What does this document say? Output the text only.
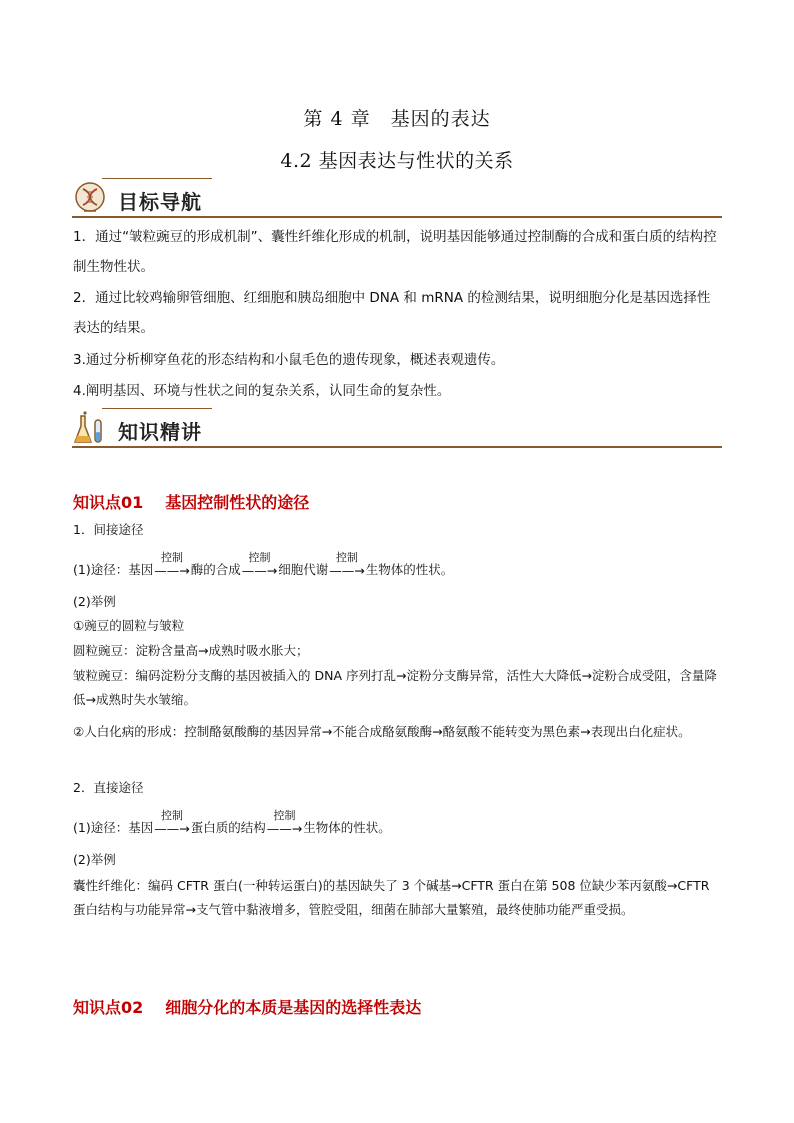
第 4 章　基因的表达
4.2 基因表达与性状的关系
目标导航
1．通过“皱粒豌豆的形成机制”、囊性纤维化形成的机制，说明基因能够通过控制酶的合成和蛋白质的结构控制生物性状。
2．通过比较鸡输卵管细胞、红细胞和胰岛细胞中 DNA 和 mRNA 的检测结果，说明细胞分化是基因选择性表达的结果。
3.通过分析柳穿鱼花的形态结构和小鼠毛色的遗传现象，概述表观遗传。
4.阐明基因、环境与性状之间的复杂关系，认同生命的复杂性。
知识精讲
知识点01 基因控制性状的途径
1．间接途径
(1)途径：基因
控制
——→ 酶的合成
控制
——→ 细胞代谢
控制
——→ 生物体的性状。
(2)举例
①豌豆的圆粒与皱粒
圆粒豌豆：淀粉含量高→成熟时吸水胀大；
皱粒豌豆：编码淀粉分支酶的基因被插入的 DNA 序列打乱→淀粉分支酶异常，活性大大降低→淀粉合成受阻，含量降低→成熟时失水皱缩。
②人白化病的形成：控制酪氨酸酶的基因异常→不能合成酪氨酸酶→酪氨酸不能转变为黑色素→表现出白化症状。
2．直接途径
(1)途径：基因
控制
——→ 蛋白质的结构
控制
——→ 生物体的性状。
(2)举例
囊性纤维化：编码 CFTR 蛋白(一种转运蛋白)的基因缺失了 3 个碱基→CFTR 蛋白在第 508 位缺少苯丙氨酸→CFTR 蛋白结构与功能异常→支气管中黏液增多，管腔受阻，细菌在肺部大量繁殖，最终使肺功能严重受损。
知识点02 细胞分化的本质是基因的选择性表达
